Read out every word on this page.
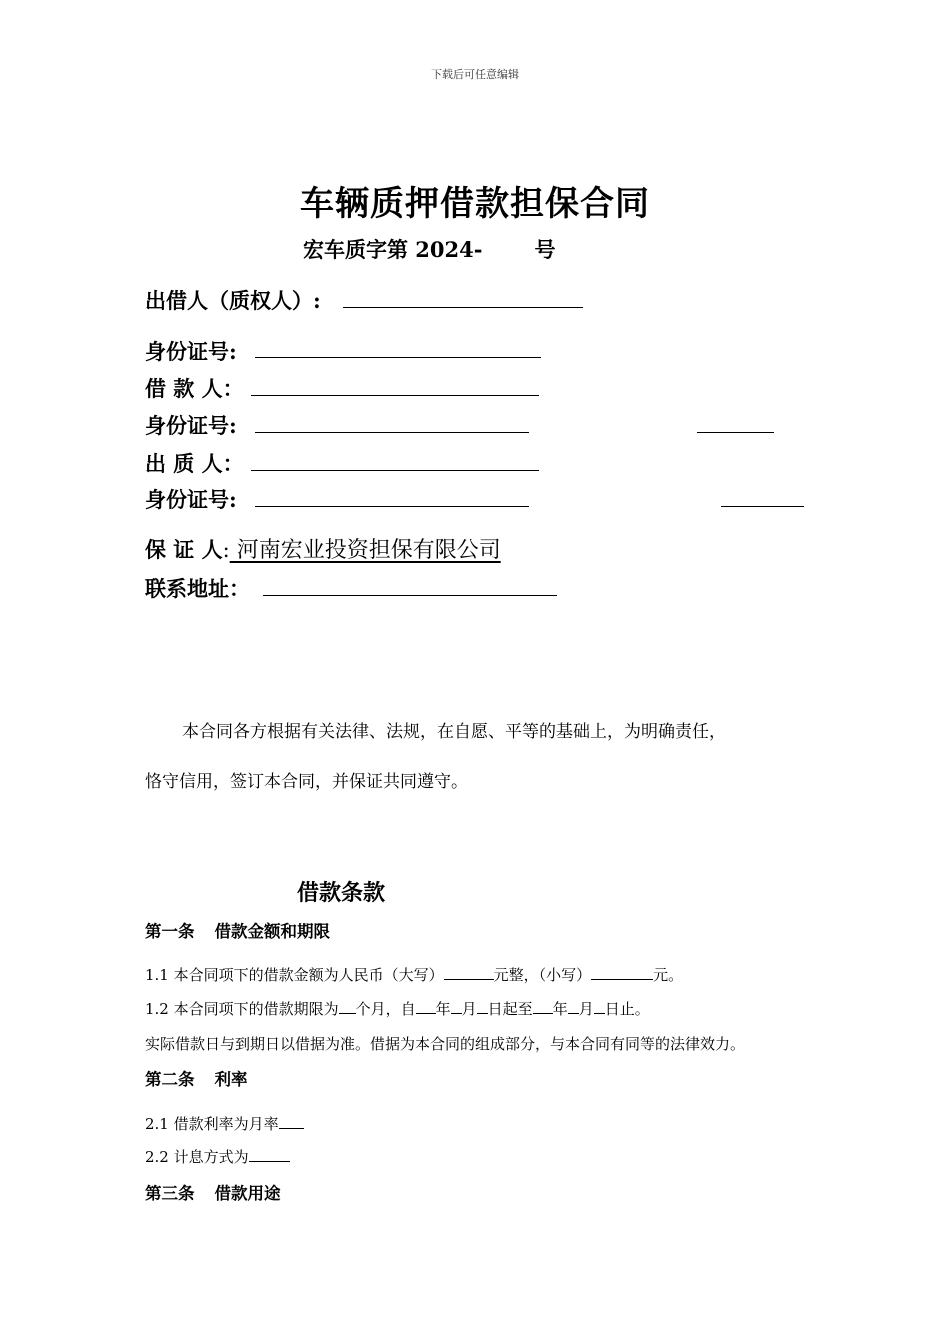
下载后可任意编辑
车辆质押借款担保合同
宏车质字第 2024- 号
出借人（质权人）:
身份证号:
借 款 人：
身份证号:
出 质 人：
身份证号:
保 证 人: 河南宏业投资担保有限公司
联系地址：
本合同各方根据有关法律、法规，在自愿、平等的基础上，为明确责任，
恪守信用，签订本合同，并保证共同遵守。
借款条款
第一条 借款金额和期限
1.1 本合同项下的借款金额为人民币（大写）	元整，（小写）	元。
1.2 本合同项下的借款期限为 个月，自 年 月 日起至 年 月 日止。
实际借款日与到期日以借据为准。借据为本合同的组成部分，与本合同有同等的法律效力。
第二条 利率
2.1 借款利率为月率
2.2 计息方式为
第三条 借款用途
